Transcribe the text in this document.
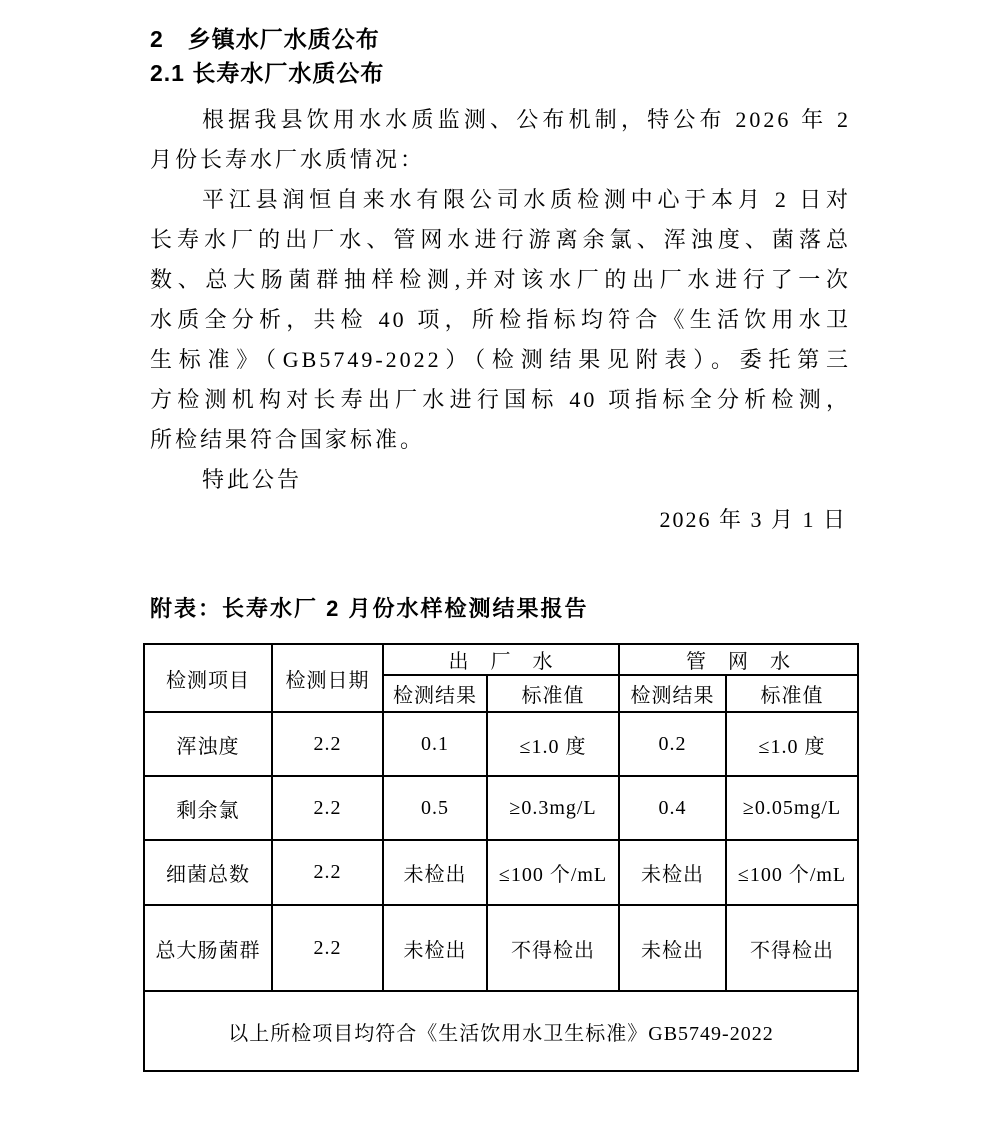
2　乡镇水厂水质公布
2.1 长寿水厂水质公布
根据我县饮用水水质监测、公布机制，特公布 2026 年 2
月份长寿水厂水质情况：
平江县润恒自来水有限公司水质检测中心于本月 2 日对
长寿水厂的出厂水、管网水进行游离余氯、浑浊度、菌落总
数、总大肠菌群抽样检测,并对该水厂的出厂水进行了一次
水质全分析，共检 40 项，所检指标均符合《生活饮用水卫
生标准》（GB5749-2022）（检测结果见附表）。委托第三
方检测机构对长寿出厂水进行国标 40 项指标全分析检测，
所检结果符合国家标准。
特此公告
2026 年 3 月 1 日
附表：长寿水厂 2 月份水样检测结果报告
检测项目	检测日期	出　厂　水		管　网　水	
		检测结果	标准值	检测结果	标准值
浑浊度	2.2	0.1	≤1.0 度	0.2	≤1.0 度
剩余氯	2.2	0.5	≥0.3mg/L	0.4	≥0.05mg/L
细菌总数	2.2	未检出	≤100 个/mL	未检出	≤100 个/mL
总大肠菌群	2.2	未检出	不得检出	未检出	不得检出
以上所检项目均符合《生活饮用水卫生标准》GB5749-2022					
